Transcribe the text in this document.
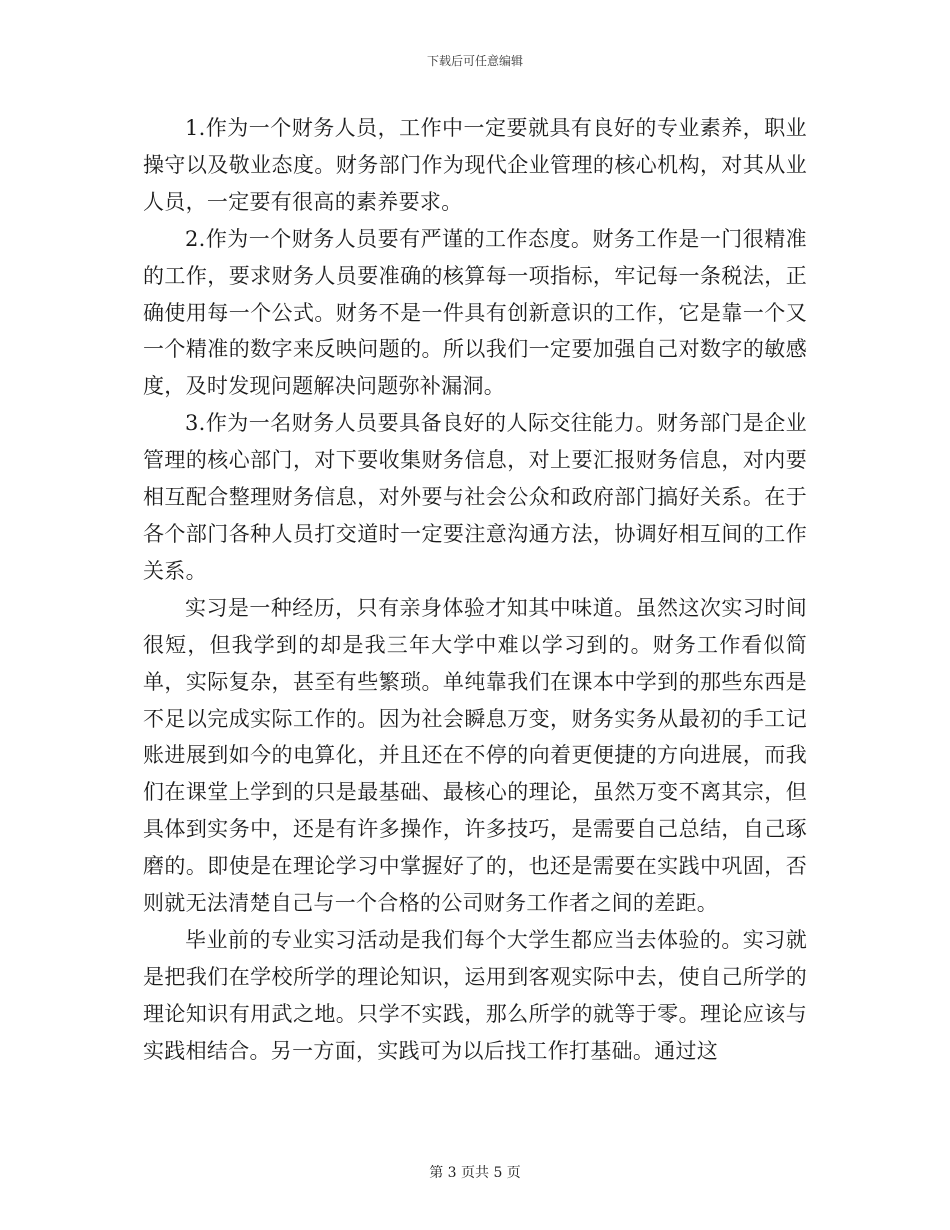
下载后可任意编辑

1.作为一个财务人员，工作中一定要就具有良好的专业素养，职业操守以及敬业态度。财务部门作为现代企业管理的核心机构，对其从业人员，一定要有很高的素养要求。

2.作为一个财务人员要有严谨的工作态度。财务工作是一门很精准的工作，要求财务人员要准确的核算每一项指标，牢记每一条税法，正确使用每一个公式。财务不是一件具有创新意识的工作，它是靠一个又一个精准的数字来反映问题的。所以我们一定要加强自己对数字的敏感度，及时发现问题解决问题弥补漏洞。

3.作为一名财务人员要具备良好的人际交往能力。财务部门是企业管理的核心部门，对下要收集财务信息，对上要汇报财务信息，对内要相互配合整理财务信息，对外要与社会公众和政府部门搞好关系。在于各个部门各种人员打交道时一定要注意沟通方法，协调好相互间的工作关系。

实习是一种经历，只有亲身体验才知其中味道。虽然这次实习时间很短，但我学到的却是我三年大学中难以学习到的。财务工作看似简单，实际复杂，甚至有些繁琐。单纯靠我们在课本中学到的那些东西是不足以完成实际工作的。因为社会瞬息万变，财务实务从最初的手工记账进展到如今的电算化，并且还在不停的向着更便捷的方向进展，而我们在课堂上学到的只是最基础、最核心的理论，虽然万变不离其宗，但具体到实务中，还是有许多操作，许多技巧，是需要自己总结，自己琢磨的。即使是在理论学习中掌握好了的，也还是需要在实践中巩固，否则就无法清楚自己与一个合格的公司财务工作者之间的差距。

毕业前的专业实习活动是我们每个大学生都应当去体验的。实习就是把我们在学校所学的理论知识，运用到客观实际中去，使自己所学的理论知识有用武之地。只学不实践，那么所学的就等于零。理论应该与实践相结合。另一方面，实践可为以后找工作打基础。通过这

第 3 页共 5 页
